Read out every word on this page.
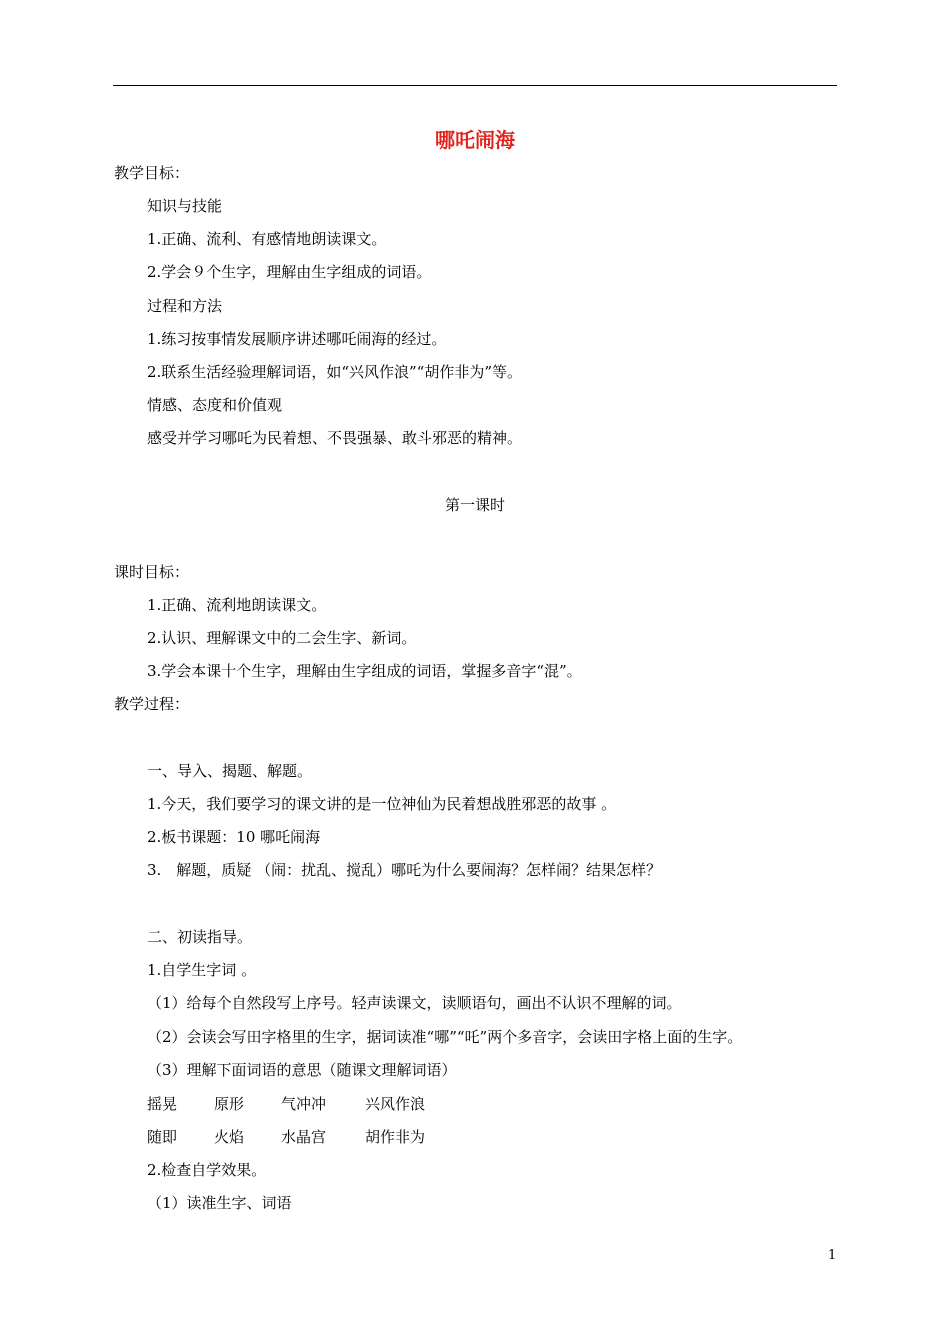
哪吒闹海
教学目标：
知识与技能
1.正确、流利、有感情地朗读课文。
2.学会９个生字，理解由生字组成的词语。
过程和方法
1.练习按事情发展顺序讲述哪吒闹海的经过。
2.联系生活经验理解词语，如“兴风作浪”“胡作非为”等。
情感、态度和价值观
感受并学习哪吒为民着想、不畏强暴、敢斗邪恶的精神。
第一课时
课时目标：
1.正确、流利地朗读课文。
2.认识、理解课文中的二会生字、新词。
3.学会本课十个生字，理解由生字组成的词语，掌握多音字“混”。
教学过程：
一、导入、揭题、解题。
1.今天，我们要学习的课文讲的是一位神仙为民着想战胜邪恶的故事 。
2.板书课题：10 哪吒闹海
3.　解题，质疑 （闹：扰乱、搅乱）哪吒为什么要闹海？怎样闹？结果怎样？
二、初读指导。
1.自学生字词 。
（1）给每个自然段写上序号。轻声读课文，读顺语句，画出不认识不理解的词。
（2）会读会写田字格里的生字，据词读准“哪”“吒”两个多音字，会读田字格上面的生字。
（3）理解下面词语的意思（随课文理解词语）
摇晃	原形	气冲冲	兴风作浪
随即	火焰	水晶宫	胡作非为
2.检查自学效果。
（1）读准生字、词语
1
